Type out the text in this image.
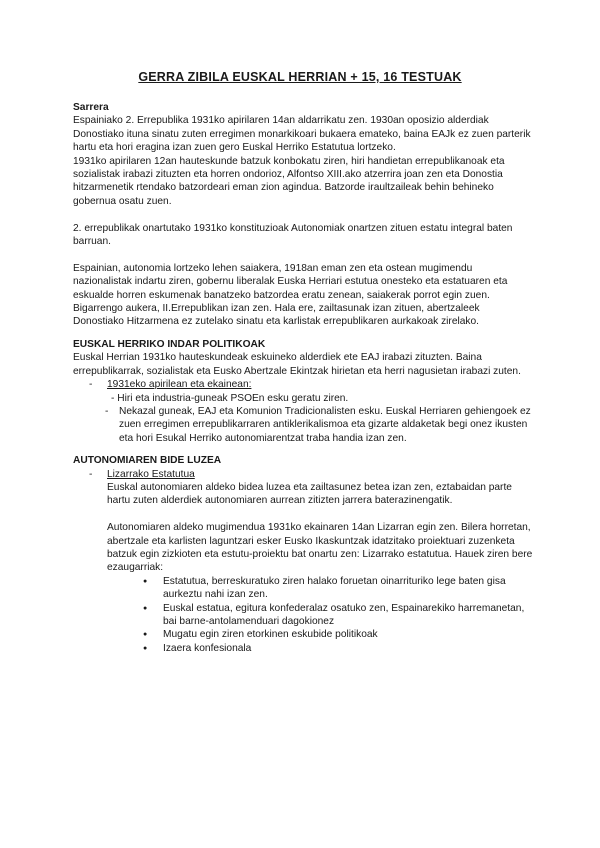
GERRA ZIBILA EUSKAL HERRIAN + 15, 16 TESTUAK

Sarrera

Espainiako 2. Errepublika 1931ko apirilaren 14an aldarrikatu zen. 1930an oposizio alderdiak Donostiako ituna sinatu zuten erregimen monarkikoari bukaera emateko, baina EAJk ez zuen parterik hartu eta hori eragina izan zuen gero Euskal Herriko Estatutua lortzeko.

1931ko apirilaren 12an hauteskunde batzuk konbokatu ziren, hiri handietan errepublikanoak eta sozialistak irabazi zituzten eta horren ondorioz, Alfontso XIII.ako atzerrira joan zen eta Donostia hitzarmenetik rtendako batzordeari eman zion agindua. Batzorde iraultzaileak behin behineko gobernua osatu zuen.

2. errepublikak onartutako 1931ko konstituzioak Autonomiak onartzen zituen estatu integral baten barruan.

Espainian, autonomia lortzeko lehen saiakera, 1918an eman zen eta ostean mugimendu nazionalistak indartu ziren, gobernu liberalak Euska Herriari estutua onesteko eta estatuaren eta eskualde horren eskumenak banatzeko batzordea eratu zenean, saiakerak porrot egin zuen.

Bigarrengo aukera, II.Errepublikan izan zen. Hala ere, zailtasunak izan zituen, abertzaleek Donostiako Hitzarmena ez zutelako sinatu eta karlistak errepublikaren aurkakoak zirelako.

EUSKAL HERRIKO INDAR POLITIKOAK

Euskal Herrian 1931ko hauteskundeak eskuineko alderdiek ete EAJ irabazi zituzten. Baina errepublikarrak, sozialistak eta Eusko Abertzale Ekintzak hirietan eta herri nagusietan irabazi zuten.

- 1931eko apirilean eta ekainean:
- Hiri eta industria-guneak PSOEn esku geratu ziren.
-	Nekazal guneak, EAJ eta Komunion Tradicionalisten esku. Euskal Herriaren gehiengoek ez zuen erregimen errepublikarraren antiklerikalismoa eta gizarte aldaketak begi onez ikusten eta hori Esukal Herriko autonomiarentzat traba handia izan zen.

AUTONOMIAREN BIDE LUZEA

- Lizarrako Estatutua
Euskal autonomiaren aldeko bidea luzea eta zailtasunez betea izan zen, eztabaidan parte hartu zuten alderdiek autonomiaren aurrean zitizten jarrera baterazinengatik.
Autonomiaren aldeko mugimendua 1931ko ekainaren 14an Lizarran egin zen. Bilera horretan, abertzale eta karlisten laguntzari esker Eusko Ikaskuntzak idatzitako proiektuari zuzenketa batzuk egin zizkioten eta estutu-proiektu bat onartu zen: Lizarrako estatutua. Hauek ziren bere ezaugarriak:
● Estatutua, berreskuratuko ziren halako foruetan oinarrituriko lege baten gisa aurkeztu nahi izan zen.
● Euskal estatua, egitura konfederalaz osatuko zen, Espainarekiko harremanetan, bai barne-antolamenduari dagokionez
● Mugatu egin ziren etorkinen eskubide politikoak
● Izaera konfesionala
